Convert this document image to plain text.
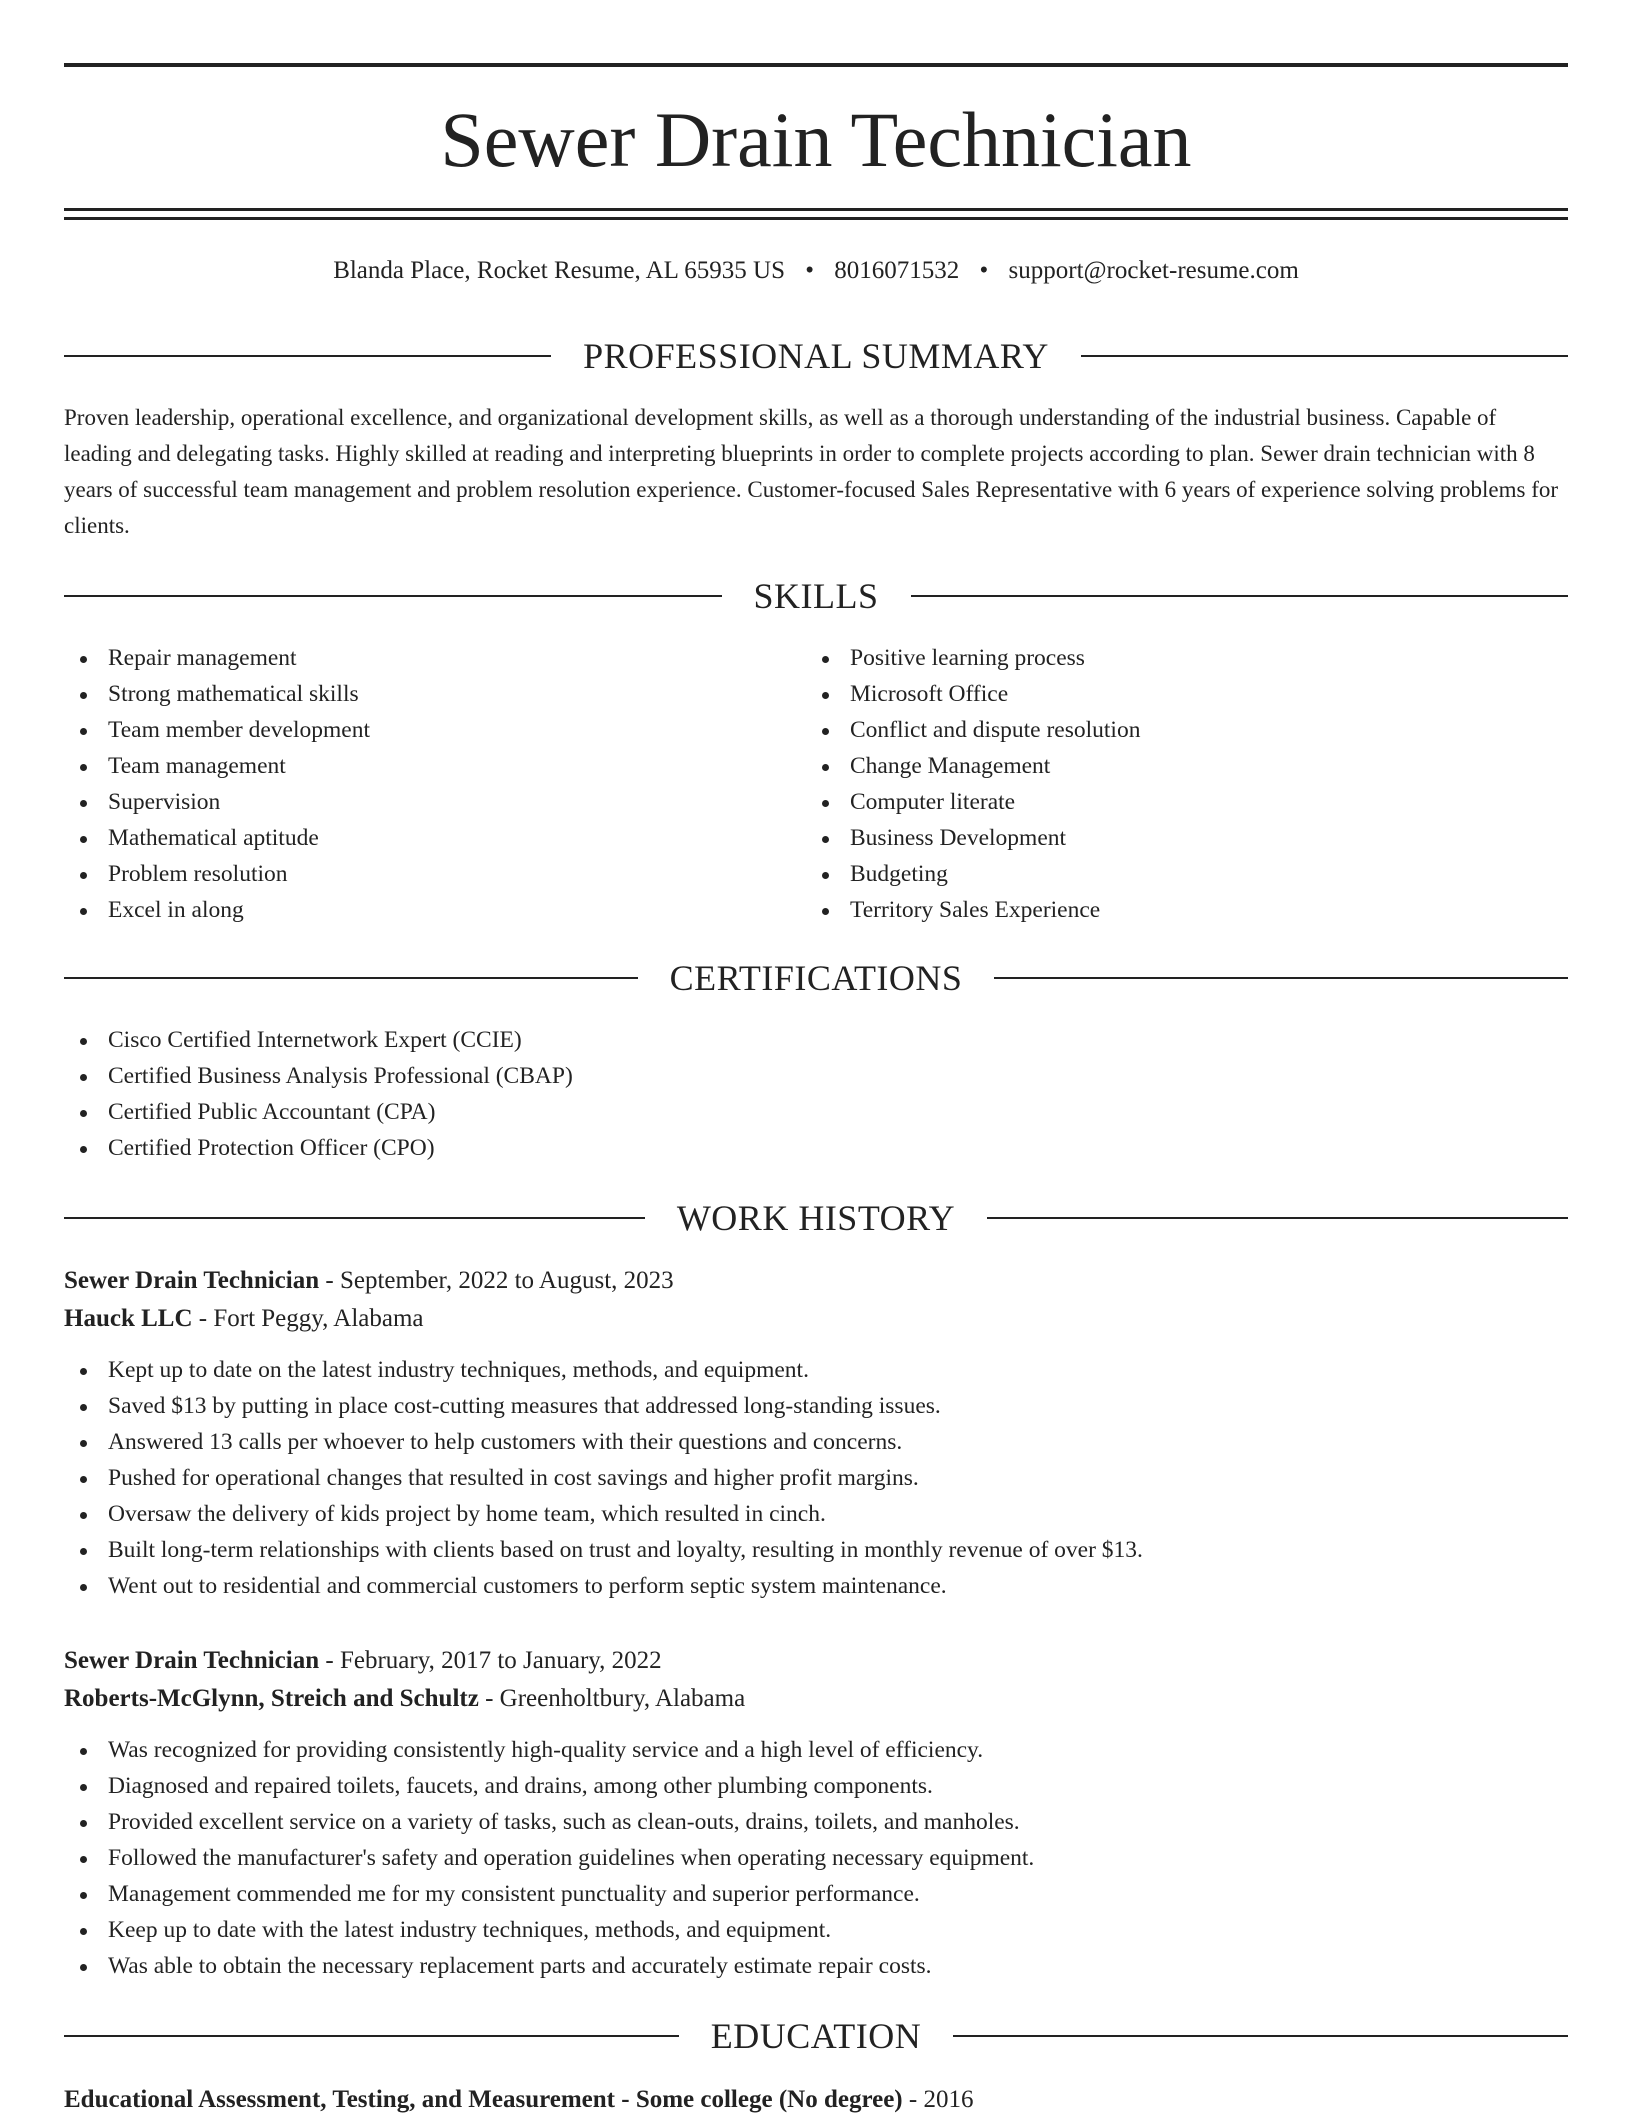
Sewer Drain Technician
Blanda Place, Rocket Resume, AL 65935 US • 8016071532 • support@rocket-resume.com
PROFESSIONAL SUMMARY
Proven leadership, operational excellence, and organizational development skills, as well as a thorough understanding of the industrial business. Capable of leading and delegating tasks. Highly skilled at reading and interpreting blueprints in order to complete projects according to plan. Sewer drain technician with 8 years of successful team management and problem resolution experience. Customer-focused Sales Representative with 6 years of experience solving problems for clients.
SKILLS
Repair management
Strong mathematical skills
Team member development
Team management
Supervision
Mathematical aptitude
Problem resolution
Excel in along
Positive learning process
Microsoft Office
Conflict and dispute resolution
Change Management
Computer literate
Business Development
Budgeting
Territory Sales Experience
CERTIFICATIONS
Cisco Certified Internetwork Expert (CCIE)
Certified Business Analysis Professional (CBAP)
Certified Public Accountant (CPA)
Certified Protection Officer (CPO)
WORK HISTORY
Sewer Drain Technician - September, 2022 to August, 2023
Hauck LLC - Fort Peggy, Alabama
Kept up to date on the latest industry techniques, methods, and equipment.
Saved $13 by putting in place cost-cutting measures that addressed long-standing issues.
Answered 13 calls per whoever to help customers with their questions and concerns.
Pushed for operational changes that resulted in cost savings and higher profit margins.
Oversaw the delivery of kids project by home team, which resulted in cinch.
Built long-term relationships with clients based on trust and loyalty, resulting in monthly revenue of over $13.
Went out to residential and commercial customers to perform septic system maintenance.
Sewer Drain Technician - February, 2017 to January, 2022
Roberts-McGlynn, Streich and Schultz - Greenholtbury, Alabama
Was recognized for providing consistently high-quality service and a high level of efficiency.
Diagnosed and repaired toilets, faucets, and drains, among other plumbing components.
Provided excellent service on a variety of tasks, such as clean-outs, drains, toilets, and manholes.
Followed the manufacturer's safety and operation guidelines when operating necessary equipment.
Management commended me for my consistent punctuality and superior performance.
Keep up to date with the latest industry techniques, methods, and equipment.
Was able to obtain the necessary replacement parts and accurately estimate repair costs.
EDUCATION
Educational Assessment, Testing, and Measurement - Some college (No degree) - 2016
